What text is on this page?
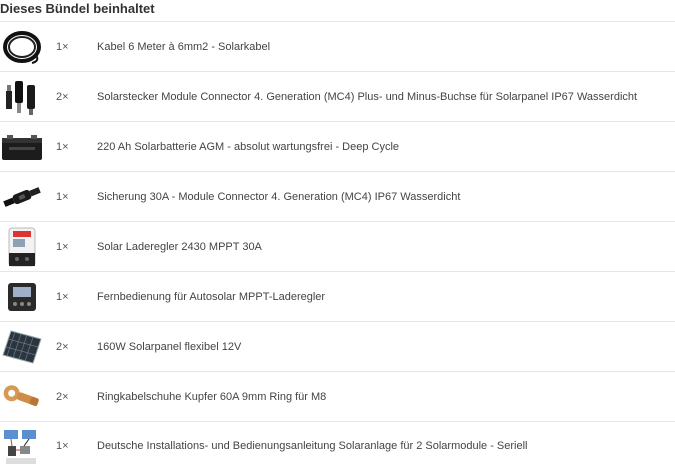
Dieses Bündel beinhaltet
1×	Kabel 6 Meter à 6mm2 - Solarkabel
2×	Solarstecker Module Connector 4. Generation (MC4) Plus- und Minus-Buchse für Solarpanel IP67 Wasserdicht
1×	220 Ah Solarbatterie AGM - absolut wartungsfrei - Deep Cycle
1×	Sicherung 30A - Module Connector 4. Generation (MC4) IP67 Wasserdicht
1×	Solar Laderegler 2430 MPPT 30A
1×	Fernbedienung für Autosolar MPPT-Laderegler
2×	160W Solarpanel flexibel 12V
2×	Ringkabelschuhe Kupfer 60A 9mm Ring für M8
1×	Deutsche Installations- und Bedienungsanleitung Solaranlage für 2 Solarmodule - Seriell
